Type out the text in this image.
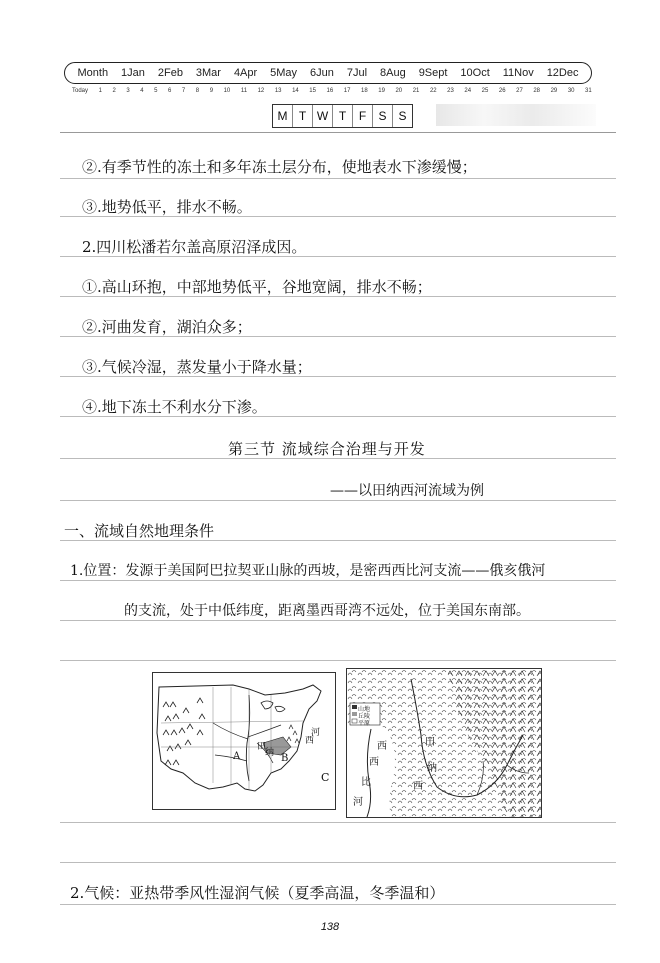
Month 1Jan 2Feb 3Mar 4Apr 5May 6Jun 7Jul 8Aug 9Sept 10Oct 11Nov 12Dec
Today 1 2 3 4 5 6 7 8 9 10 11 12 13 14 15 16 17 18 19 20 21 22 23 24 25 26 27 28 29 30 31
M T W T	F	S S
②.有季节性的冻土和多年冻土层分布，使地表水下渗缓慢；
③.地势低平，排水不畅。
2.四川松潘若尔盖高原沼泽成因。
①.高山环抱，中部地势低平，谷地宽阔，排水不畅；
②.河曲发育，湖泊众多；
③.气候冷湿，蒸发量小于降水量；
④.地下冻土不利水分下渗。
第三节 流域综合治理与开发
——以田纳西河流域为例
一、流域自然地理条件
1.位置：发源于美国阿巴拉契亚山脉的西坡，是密西西比河支流——俄亥俄河
的支流，处于中低纬度，距离墨西哥湾不远处，位于美国东南部。
2.气候：亚热带季风性湿润气候（夏季高温，冬季温和）
河
西
田
纳
A	B
C
山地
丘陵
平原
西
西
比
河
田
纳
西
138
